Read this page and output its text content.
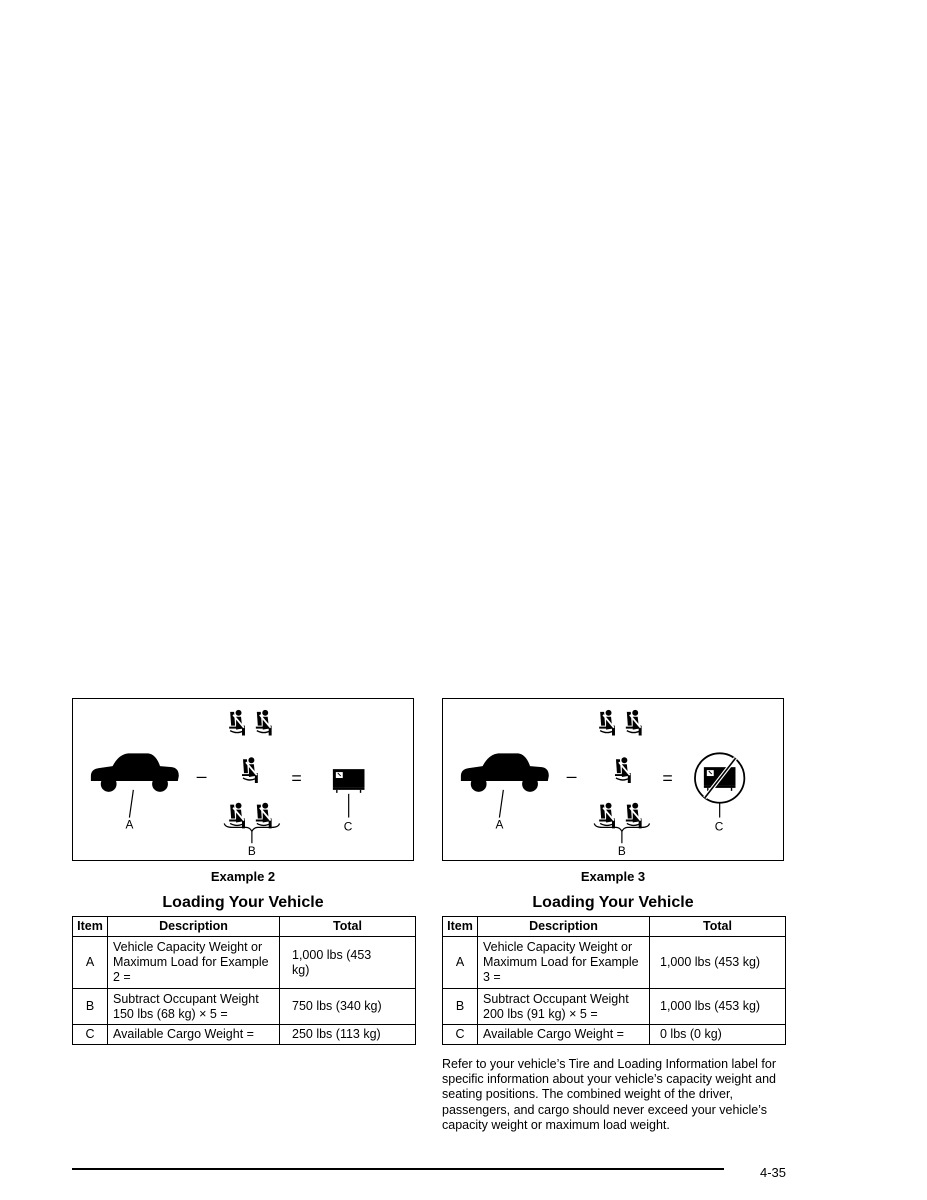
–	=
A
B
C
–	=
A
B
C
Example 2	Example 3
Loading Your Vehicle	Loading Your Vehicle
Item	Description	Total
A	Vehicle Capacity Weight or Maximum Load for Example 2 =	1,000 lbs (453 kg)
B	Subtract Occupant Weight 150 lbs (68 kg) × 5 =	750 lbs (340 kg)
C	Available Cargo Weight =	250 lbs (113 kg)
Item	Description	Total
A	Vehicle Capacity Weight or Maximum Load for Example 3 =	1,000 lbs (453 kg)
B	Subtract Occupant Weight 200 lbs (91 kg) × 5 =	1,000 lbs (453 kg)
C	Available Cargo Weight =	0 lbs (0 kg)

Refer to your vehicle’s Tire and Loading Information label for specific information about your vehicle’s capacity weight and seating positions. The combined weight of the driver, passengers, and cargo should never exceed your vehicle’s capacity weight or maximum load weight.

4-35
